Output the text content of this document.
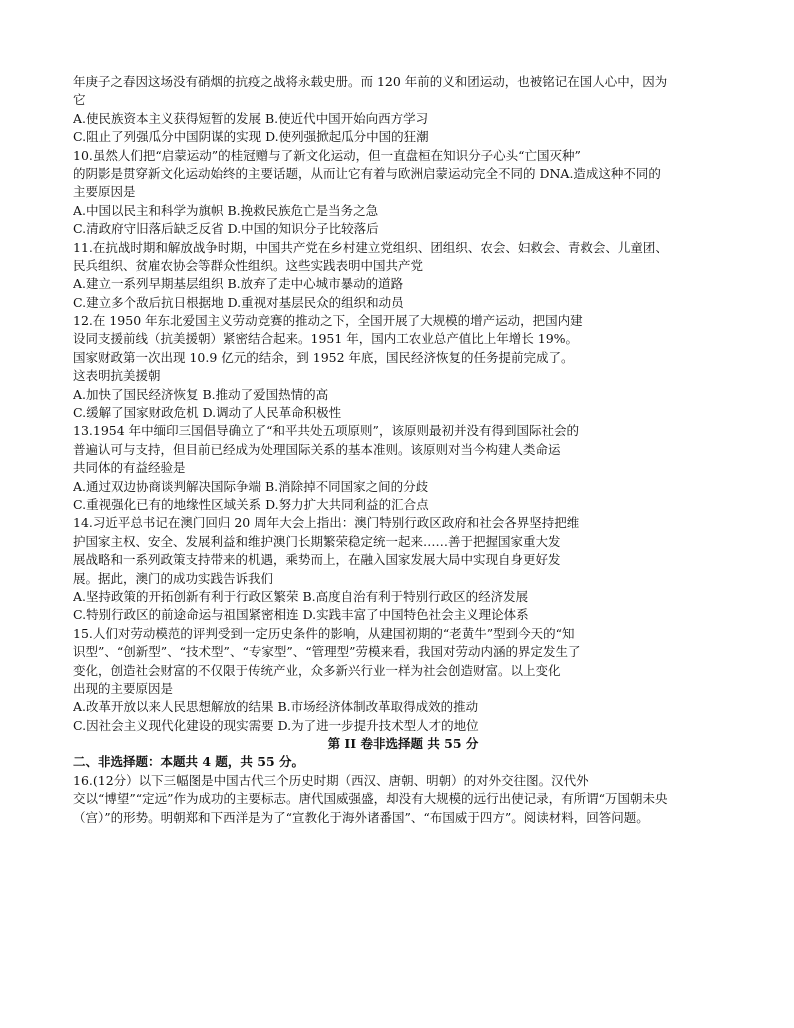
年庚子之春因这场没有硝烟的抗疫之战将永载史册。而 120 年前的义和团运动，也被铭记在国人心中，因为
它
A.使民族资本主义获得短暂的发展 B.使近代中国开始向西方学习
C.阻止了列强瓜分中国阴谋的实现 D.使列强掀起瓜分中国的狂潮
10.虽然人们把“启蒙运动”的桂冠赠与了新文化运动，但一直盘桓在知识分子心头“亡国灭种”
的阴影是贯穿新文化运动始终的主要话题，从而让它有着与欧洲启蒙运动完全不同的 DNA.造成这种不同的
主要原因是
A.中国以民主和科学为旗帜 B.挽救民族危亡是当务之急
C.清政府守旧落后缺乏反省 D.中国的知识分子比较落后
11.在抗战时期和解放战争时期，中国共产党在乡村建立党组织、团组织、农会、妇救会、青救会、儿童团、
民兵组织、贫雇农协会等群众性组织。这些实践表明中国共产党
A.建立一系列早期基层组织 B.放弃了走中心城市暴动的道路
C.建立多个敌后抗日根据地 D.重视对基层民众的组织和动员
12.在 1950 年东北爱国主义劳动竞赛的推动之下，全国开展了大规模的增产运动，把国内建
设同支援前线（抗美援朝）紧密结合起来。1951 年，国内工农业总产值比上年增长 19%。
国家财政第一次出现 10.9 亿元的结余，到 1952 年底，国民经济恢复的任务提前完成了。
这表明抗美援朝
A.加快了国民经济恢复 B.推动了爱国热情的高
C.缓解了国家财政危机 D.调动了人民革命积极性
13.1954 年中缅印三国倡导确立了“和平共处五项原则”，该原则最初并没有得到国际社会的
普遍认可与支持，但目前已经成为处理国际关系的基本准则。该原则对当今构建人类命运
共同体的有益经验是
A.通过双边协商谈判解决国际争端 B.消除掉不同国家之间的分歧
C.重视强化已有的地缘性区域关系 D.努力扩大共同利益的汇合点
14.习近平总书记在澳门回归 20 周年大会上指出：澳门特别行政区政府和社会各界坚持把维
护国家主权、安全、发展利益和维护澳门长期繁荣稳定统一起来……善于把握国家重大发
展战略和一系列政策支持带来的机遇，乘势而上，在融入国家发展大局中实现自身更好发
展。据此，澳门的成功实践告诉我们
A.坚持政策的开拓创新有利于行政区繁荣 B.高度自治有利于特别行政区的经济发展
C.特别行政区的前途命运与祖国紧密相连 D.实践丰富了中国特色社会主义理论体系
15.人们对劳动模范的评判受到一定历史条件的影响，从建国初期的“老黄牛”型到今天的“知
识型”、“创新型”、“技术型”、“专家型”、“管理型”劳模来看，我国对劳动内涵的界定发生了
变化，创造社会财富的不仅限于传统产业，众多新兴行业一样为社会创造财富。以上变化
出现的主要原因是
A.改革开放以来人民思想解放的结果 B.市场经济体制改革取得成效的推动
C.因社会主义现代化建设的现实需要 D.为了进一步提升技术型人才的地位
第 II 卷非选择题 共 55 分
二、非选择题：本题共 4 题，共 55 分。
16.(12分）以下三幅图是中国古代三个历史时期（西汉、唐朝、明朝）的对外交往图。汉代外
交以“博望”“定远”作为成功的主要标志。唐代国威强盛，却没有大规模的远行出使记录，有所谓“万国朝未央
（宫）”的形势。明朝郑和下西洋是为了“宣教化于海外诸番国”、“布国威于四方”。阅读材料，回答问题。
